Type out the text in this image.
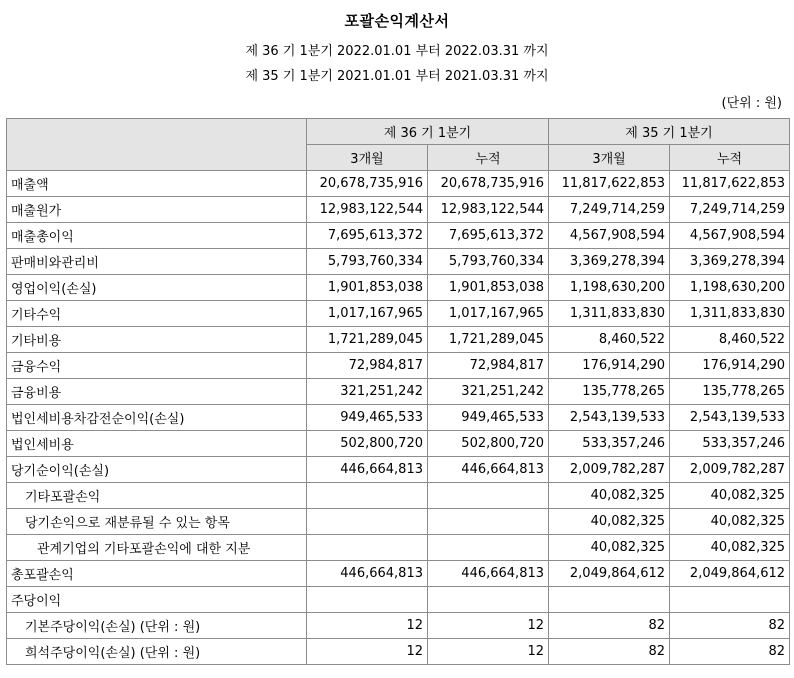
포괄손익계산서
제 36 기 1분기 2022.01.01 부터 2022.03.31 까지
제 35 기 1분기 2021.01.01 부터 2021.03.31 까지
(단위 : 원)
	제 36 기 1분기		제 35 기 1분기	
	3개월	누적	3개월	누적
매출액	20,678,735,916	20,678,735,916	11,817,622,853	11,817,622,853
매출원가	12,983,122,544	12,983,122,544	7,249,714,259	7,249,714,259
매출총이익	7,695,613,372	7,695,613,372	4,567,908,594	4,567,908,594
판매비와관리비	5,793,760,334	5,793,760,334	3,369,278,394	3,369,278,394
영업이익(손실)	1,901,853,038	1,901,853,038	1,198,630,200	1,198,630,200
기타수익	1,017,167,965	1,017,167,965	1,311,833,830	1,311,833,830
기타비용	1,721,289,045	1,721,289,045	8,460,522	8,460,522
금융수익	72,984,817	72,984,817	176,914,290	176,914,290
금융비용	321,251,242	321,251,242	135,778,265	135,778,265
법인세비용차감전순이익(손실)	949,465,533	949,465,533	2,543,139,533	2,543,139,533
법인세비용	502,800,720	502,800,720	533,357,246	533,357,246
당기순이익(손실)	446,664,813	446,664,813	2,009,782,287	2,009,782,287
기타포괄손익			40,082,325	40,082,325
당기손익으로 재분류될 수 있는 항목			40,082,325	40,082,325
관계기업의 기타포괄손익에 대한 지분			40,082,325	40,082,325
총포괄손익	446,664,813	446,664,813	2,049,864,612	2,049,864,612
주당이익				
기본주당이익(손실) (단위 : 원)	12	12	82	82
희석주당이익(손실) (단위 : 원)	12	12	82	82
